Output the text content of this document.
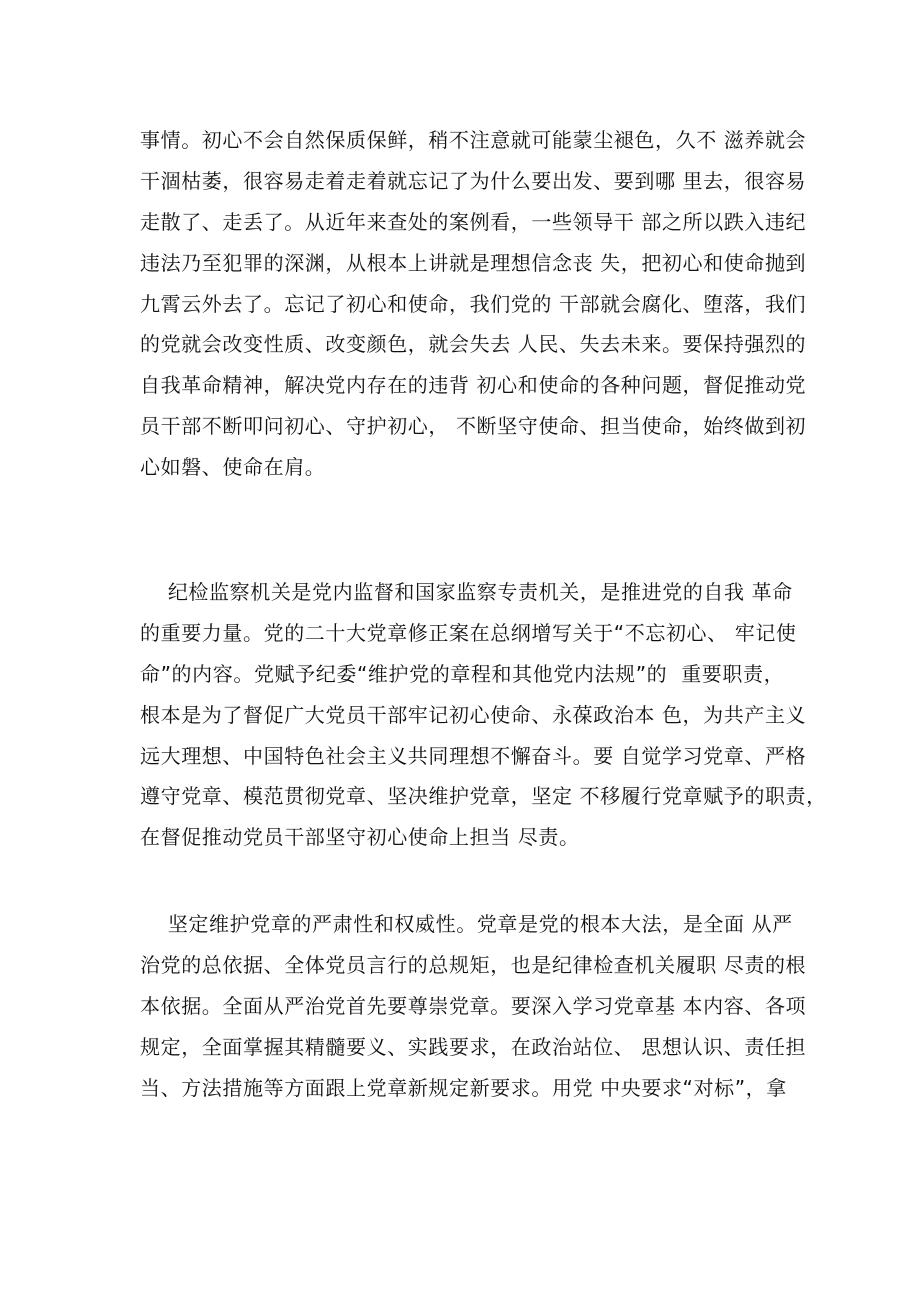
事情。初心不会自然保质保鲜，稍不注意就可能蒙尘褪色，久不 滋养就会
干涸枯萎，很容易走着走着就忘记了为什么要出发、要到哪 里去，很容易
走散了、走丢了。从近年来查处的案例看，一些领导干 部之所以跌入违纪
违法乃至犯罪的深渊，从根本上讲就是理想信念丧 失，把初心和使命抛到
九霄云外去了。忘记了初心和使命，我们党的 干部就会腐化、堕落，我们
的党就会改变性质、改变颜色，就会失去 人民、失去未来。要保持强烈的
自我革命精神，解决党内存在的违背 初心和使命的各种问题，督促推动党
员干部不断叩问初心、守护初心， 不断坚守使命、担当使命，始终做到初
心如磐、使命在肩。
纪检监察机关是党内监督和国家监察专责机关，是推进党的自我 革命
的重要力量。党的二十大党章修正案在总纲增写关于“不忘初心、 牢记使
命”的内容。党赋予纪委“维护党的章程和其他党内法规”的  重要职责，
根本是为了督促广大党员干部牢记初心使命、永葆政治本 色，为共产主义
远大理想、中国特色社会主义共同理想不懈奋斗。要 自觉学习党章、严格
遵守党章、模范贯彻党章、坚决维护党章，坚定 不移履行党章赋予的职责，
在督促推动党员干部坚守初心使命上担当 尽责。
坚定维护党章的严肃性和权威性。党章是党的根本大法，是全面 从严
治党的总依据、全体党员言行的总规矩，也是纪律检查机关履职 尽责的根
本依据。全面从严治党首先要尊崇党章。要深入学习党章基 本内容、各项
规定，全面掌握其精髓要义、实践要求，在政治站位、 思想认识、责任担
当、方法措施等方面跟上党章新规定新要求。用党 中央要求“对标”，拿
